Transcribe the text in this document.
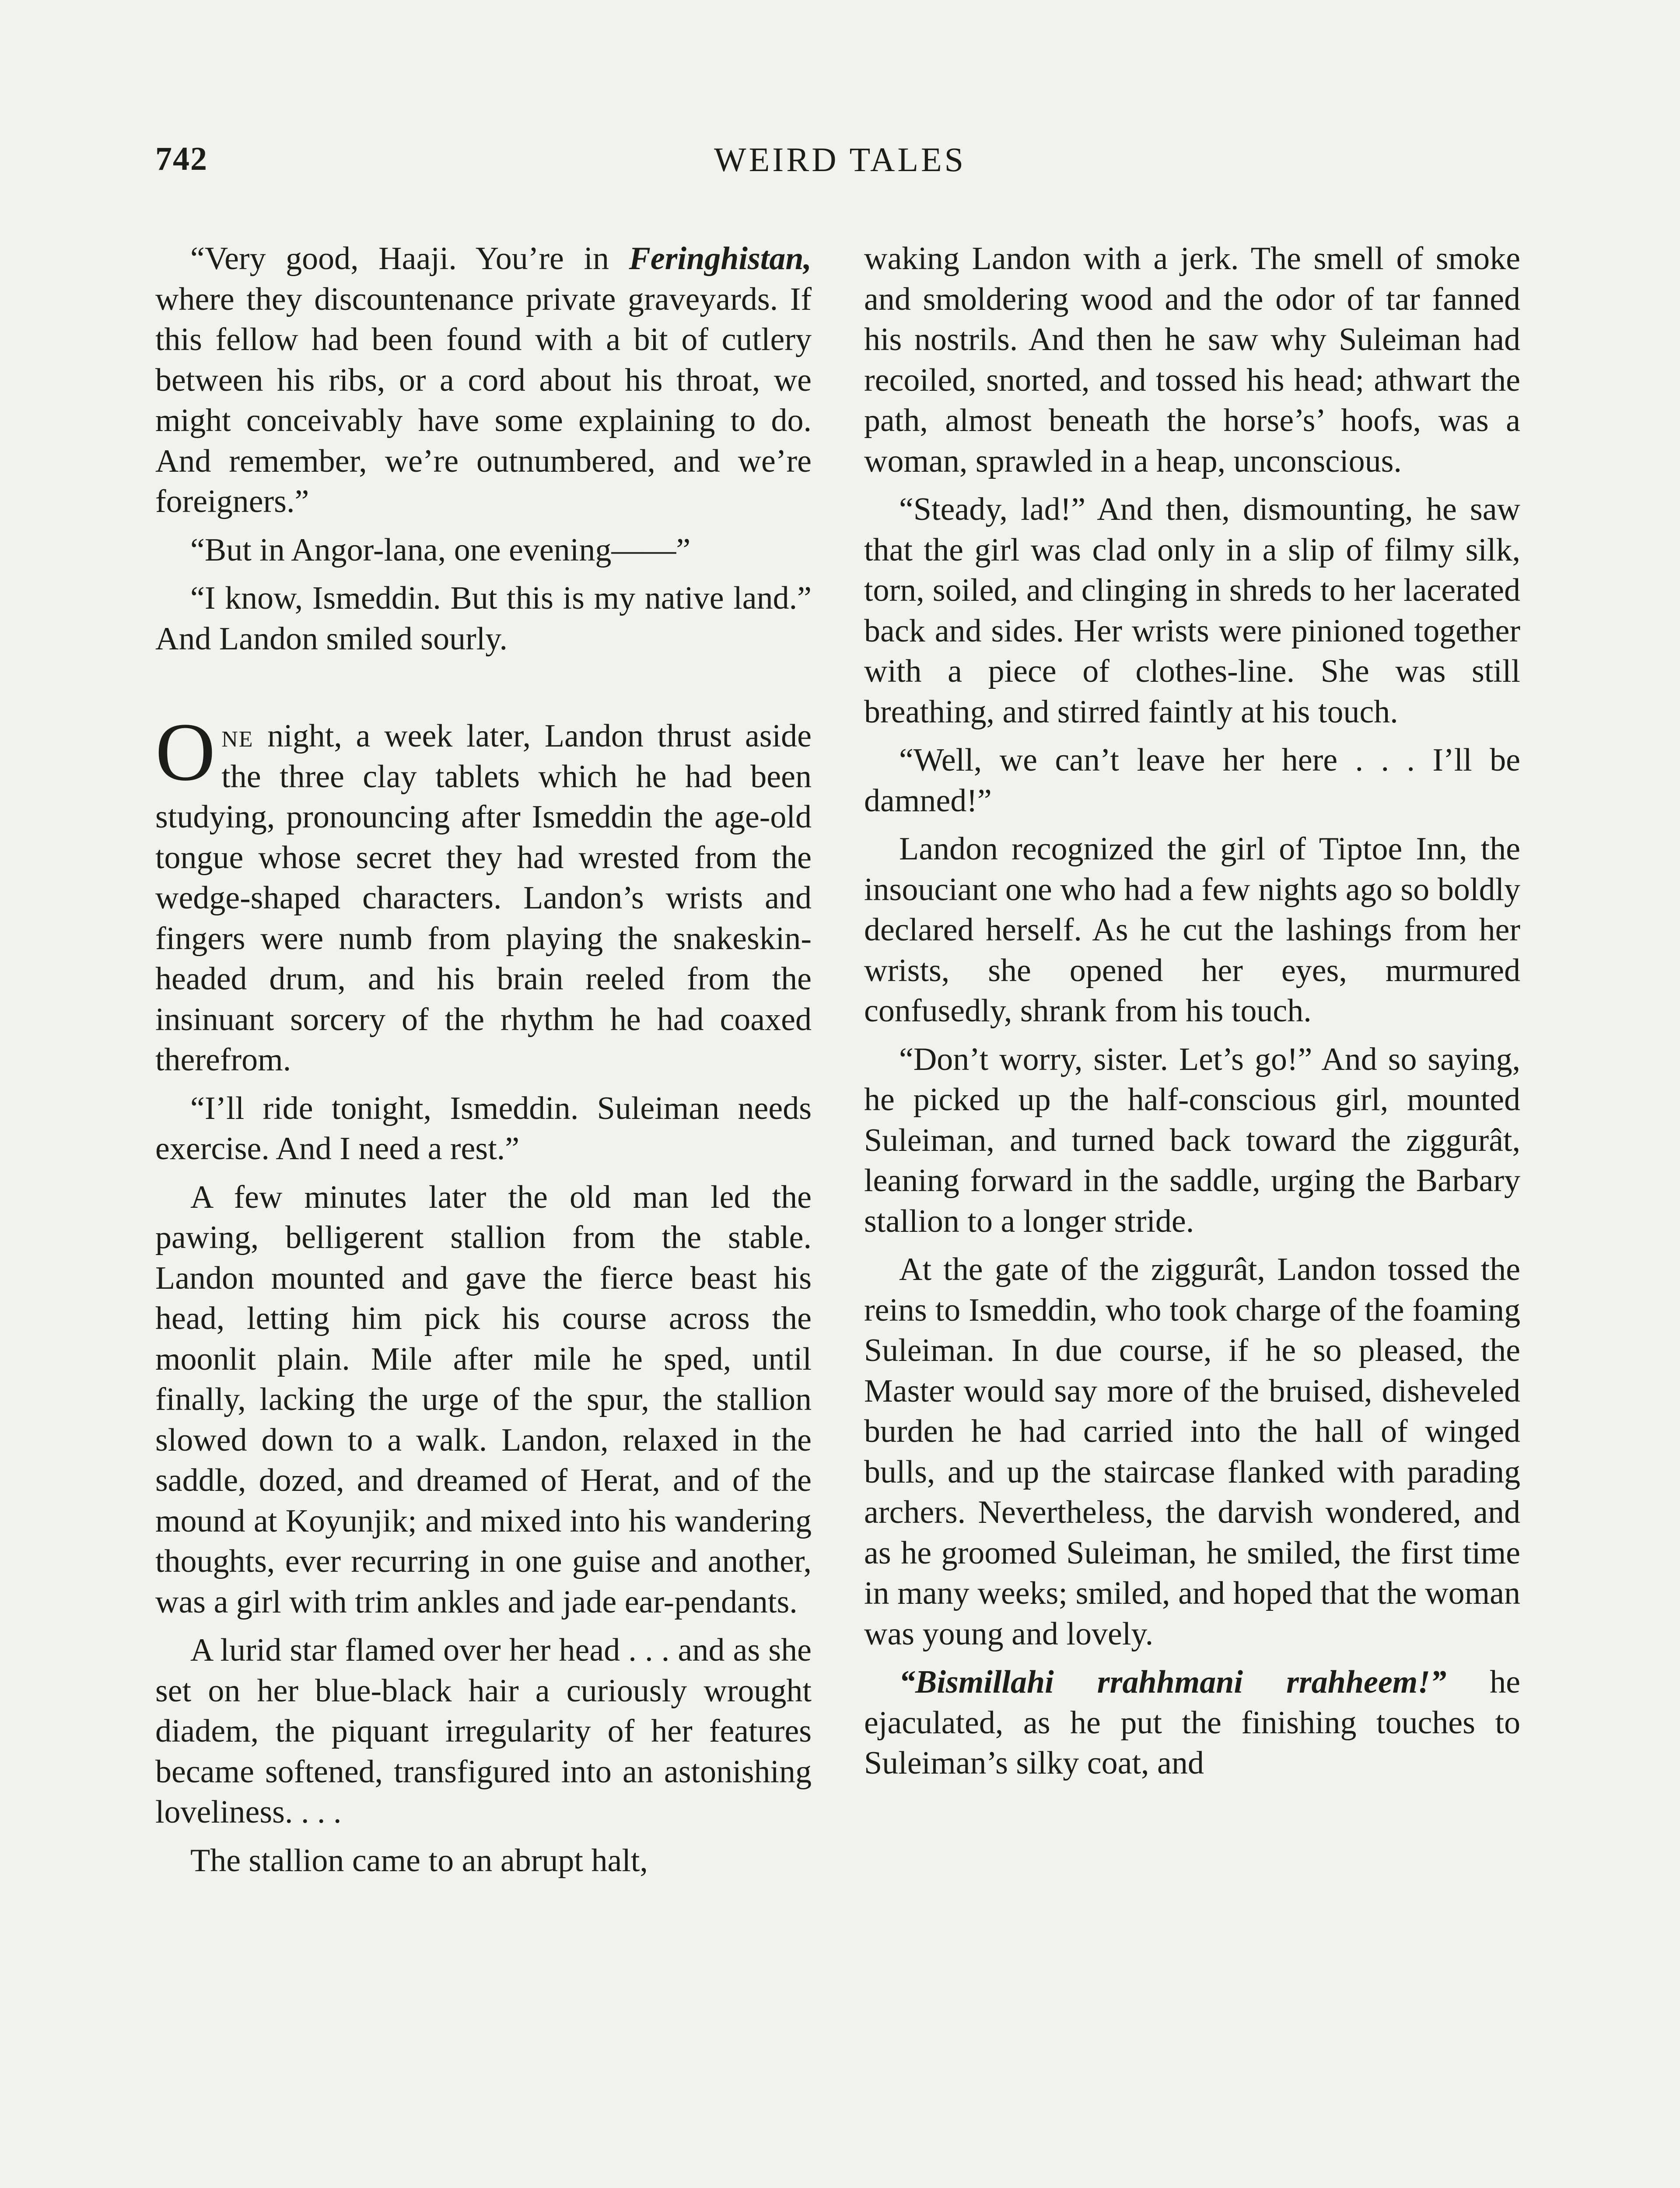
742	WEIRD TALES

“Very good, Haaji. You’re in Feringhistan, where they discountenance private graveyards. If this fellow had been found with a bit of cutlery between his ribs, or a cord about his throat, we might conceivably have some explaining to do. And remember, we’re outnumbered, and we’re foreigners.”

“But in Angor-lana, one evening——”

“I know, Ismeddin. But this is my native land.” And Landon smiled sourly.

One night, a week later, Landon thrust aside the three clay tablets which he had been studying, pronouncing after Ismeddin the age-old tongue whose secret they had wrested from the wedge-shaped characters. Landon’s wrists and fingers were numb from playing the snakeskin-headed drum, and his brain reeled from the insinuant sorcery of the rhythm he had coaxed therefrom.

“I’ll ride tonight, Ismeddin. Suleiman needs exercise. And I need a rest.”

A few minutes later the old man led the pawing, belligerent stallion from the stable. Landon mounted and gave the fierce beast his head, letting him pick his course across the moonlit plain. Mile after mile he sped, until finally, lacking the urge of the spur, the stallion slowed down to a walk. Landon, relaxed in the saddle, dozed, and dreamed of Herat, and of the mound at Koyunjik; and mixed into his wandering thoughts, ever recurring in one guise and another, was a girl with trim ankles and jade ear-pendants.

A lurid star flamed over her head . . . and as she set on her blue-black hair a curiously wrought diadem, the piquant irregularity of her features became softened, transfigured into an astonishing loveliness. . . .

The stallion came to an abrupt halt,

waking Landon with a jerk. The smell of smoke and smoldering wood and the odor of tar fanned his nostrils. And then he saw why Suleiman had recoiled, snorted, and tossed his head; athwart the path, almost beneath the horse’s’ hoofs, was a woman, sprawled in a heap, unconscious.

“Steady, lad!” And then, dismounting, he saw that the girl was clad only in a slip of filmy silk, torn, soiled, and clinging in shreds to her lacerated back and sides. Her wrists were pinioned together with a piece of clothes-line. She was still breathing, and stirred faintly at his touch.

“Well, we can’t leave her here . . . I’ll be damned!”

Landon recognized the girl of Tiptoe Inn, the insouciant one who had a few nights ago so boldly declared herself. As he cut the lashings from her wrists, she opened her eyes, murmured confusedly, shrank from his touch.

“Don’t worry, sister. Let’s go!” And so saying, he picked up the half-conscious girl, mounted Suleiman, and turned back toward the ziggurât, leaning forward in the saddle, urging the Barbary stallion to a longer stride.

At the gate of the ziggurât, Landon tossed the reins to Ismeddin, who took charge of the foaming Suleiman. In due course, if he so pleased, the Master would say more of the bruised, disheveled burden he had carried into the hall of winged bulls, and up the staircase flanked with parading archers. Nevertheless, the darvish wondered, and as he groomed Suleiman, he smiled, the first time in many weeks; smiled, and hoped that the woman was young and lovely.

“Bismillahi rrahhmani rrahheem!” he ejaculated, as he put the finishing touches to Suleiman’s silky coat, and
